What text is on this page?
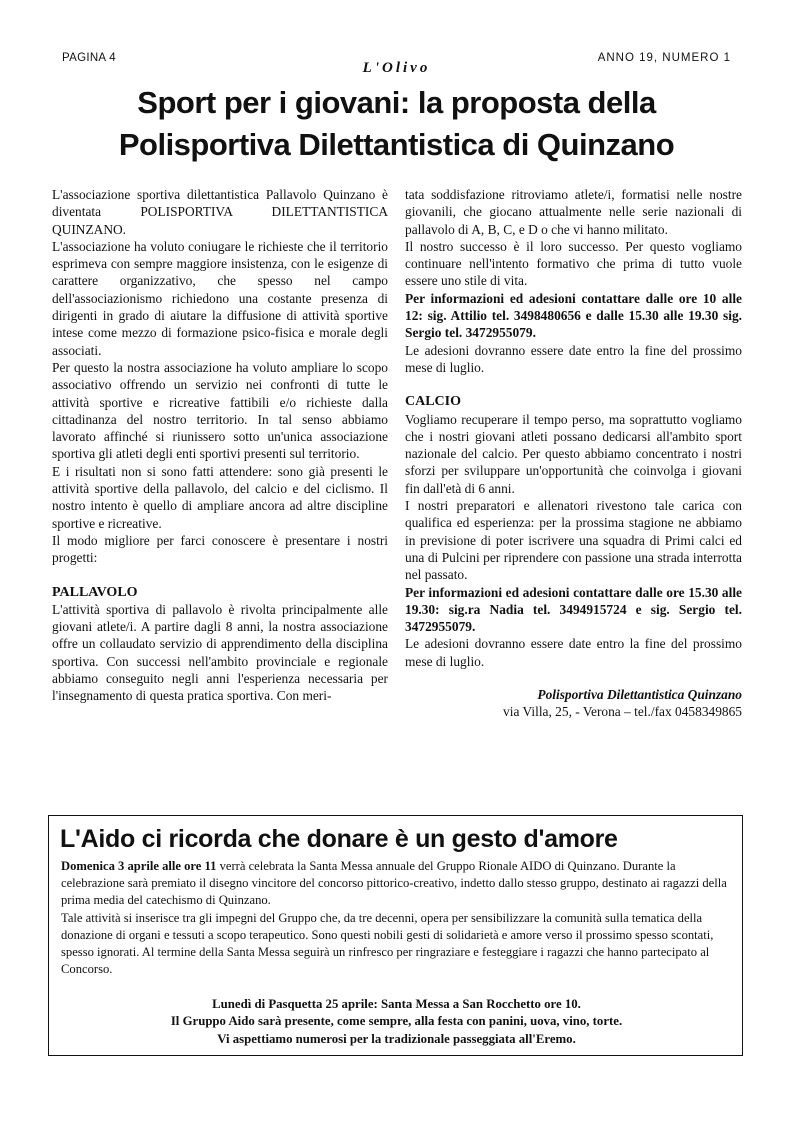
PAGINA 4
L'Olivo
ANNO 19, NUMERO 1
Sport per i giovani: la proposta della
Polisportiva Dilettantistica di Quinzano

L'associazione sportiva dilettantistica Pallavolo Quinzano è diventata POLISPORTIVA DILETTANTISTICA QUINZANO.

L'associazione ha voluto coniugare le richieste che il territorio esprimeva con sempre maggiore insistenza, con le esigenze di carattere organizzativo, che spesso nel campo dell'associazionismo richiedono una costante presenza di dirigenti in grado di aiutare la diffusione di attività sportive intese come mezzo di formazione psico-fisica e morale degli associati.

Per questo la nostra associazione ha voluto ampliare lo scopo associativo offrendo un servizio nei confronti di tutte le attività sportive e ricreative fattibili e/o richieste dalla cittadinanza del nostro territorio. In tal senso abbiamo lavorato affinché si riunissero sotto un'unica associazione sportiva gli atleti degli enti sportivi presenti sul territorio.

E i risultati non si sono fatti attendere: sono già presenti le attività sportive della pallavolo, del calcio e del ciclismo. Il nostro intento è quello di ampliare ancora ad altre discipline sportive e ricreative.

Il modo migliore per farci conoscere è presentare i nostri progetti:

PALLAVOLO

L'attività sportiva di pallavolo è rivolta principalmente alle giovani atlete/i. A partire dagli 8 anni, la nostra associazione offre un collaudato servizio di apprendimento della disciplina sportiva. Con successi nell'ambito provinciale e regionale abbiamo conseguito negli anni l'esperienza necessaria per l'insegnamento di questa pratica sportiva. Con meri-

tata soddisfazione ritroviamo atlete/i, formatisi nelle nostre giovanili, che giocano attualmente nelle serie nazionali di pallavolo di A, B, C, e D o che vi hanno militato.

Il nostro successo è il loro successo. Per questo vogliamo continuare nell'intento formativo che prima di tutto vuole essere uno stile di vita.

Per informazioni ed adesioni contattare dalle ore 10 alle 12: sig. Attilio tel. 3498480656 e dalle 15.30 alle 19.30 sig. Sergio tel. 3472955079.

Le adesioni dovranno essere date entro la fine del prossimo mese di luglio.

CALCIO

Vogliamo recuperare il tempo perso, ma soprattutto vogliamo che i nostri giovani atleti possano dedicarsi all'ambito sport nazionale del calcio. Per questo abbiamo concentrato i nostri sforzi per sviluppare un'opportunità che coinvolga i giovani fin dall'età di 6 anni.

I nostri preparatori e allenatori rivestono tale carica con qualifica ed esperienza: per la prossima stagione ne abbiamo in previsione di poter iscrivere una squadra di Primi calci ed una di Pulcini per riprendere con passione una strada interrotta nel passato.

Per informazioni ed adesioni contattare dalle ore 15.30 alle 19.30: sig.ra Nadia tel. 3494915724 e sig. Sergio tel. 3472955079.

Le adesioni dovranno essere date entro la fine del prossimo mese di luglio.

Polisportiva Dilettantistica Quinzano
via Villa, 25, - Verona – tel./fax 0458349865
L'Aido ci ricorda che donare è un gesto d'amore

Domenica 3 aprile alle ore 11 verrà celebrata la Santa Messa annuale del Gruppo Rionale AIDO di Quinzano. Durante la celebrazione sarà premiato il disegno vincitore del concorso pittorico-creativo, indetto dallo stesso gruppo, destinato ai ragazzi della prima media del catechismo di Quinzano.

Tale attività si inserisce tra gli impegni del Gruppo che, da tre decenni, opera per sensibilizzare la comunità sulla tematica della donazione di organi e tessuti a scopo terapeutico. Sono questi nobili gesti di solidarietà e amore verso il prossimo spesso scontati, spesso ignorati. Al termine della Santa Messa seguirà un rinfresco per ringraziare e festeggiare i ragazzi che hanno partecipato al Concorso.

Lunedì di Pasquetta 25 aprile: Santa Messa a San Rocchetto ore 10.
Il Gruppo Aido sarà presente, come sempre, alla festa con panini, uova, vino, torte.
Vi aspettiamo numerosi per la tradizionale passeggiata all'Eremo.
